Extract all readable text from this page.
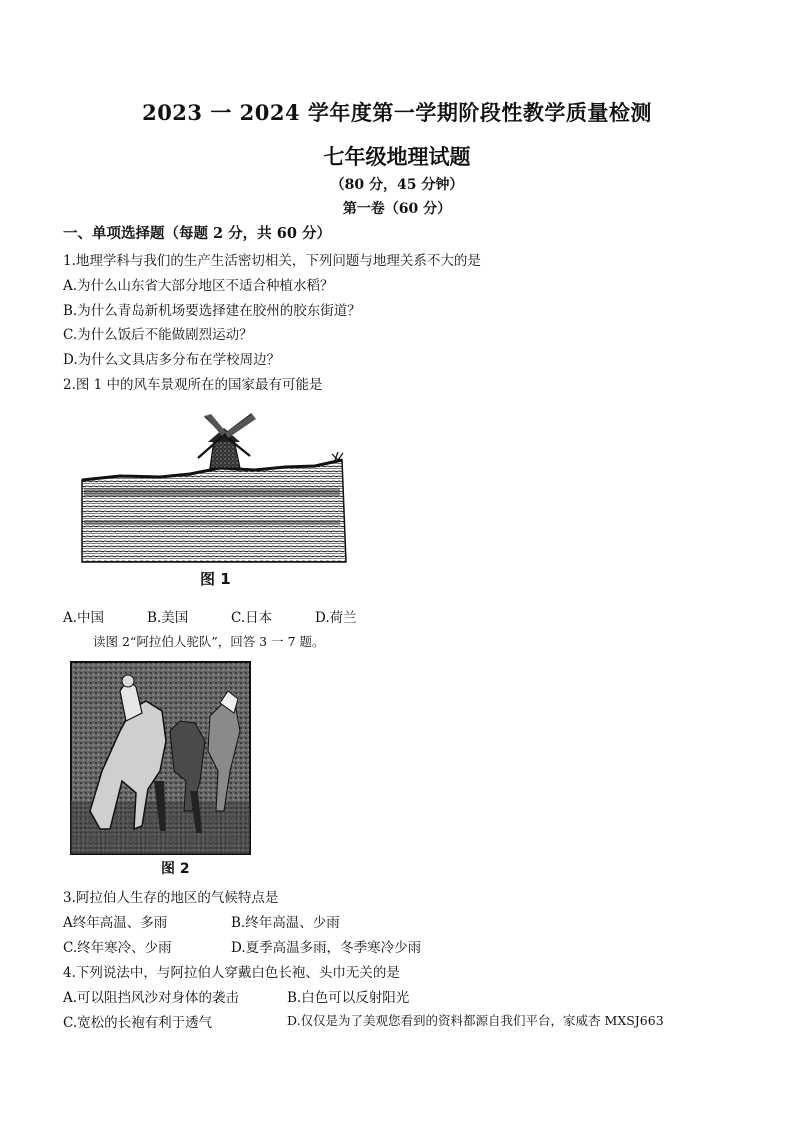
2023 一 2024 学年度第一学期阶段性教学质量检测
七年级地理试题
（80 分，45 分钟）
第一卷（60 分）
一、单项选择题（每题 2 分，共 60 分）
1.地理学科与我们的生产生活密切相关，下列问题与地理关系不大的是
A.为什么山东省大部分地区不适合种植水稻？
B.为什么青岛新机场要选择建在胶州的胶东街道？
C.为什么饭后不能做剧烈运动？
D.为什么文具店多分布在学校周边？
2.图 1 中的风车景观所在的国家最有可能是
图 1
A.中国	B.美国	C.日本	D.荷兰
读图 2“阿拉伯人驼队”，回答 3 一 7 题。
图 2
3.阿拉伯人生存的地区的气候特点是
A终年高温、多雨	B.终年高温、少雨
C.终年寒冷、少雨	D.夏季高温多雨，冬季寒冷少雨
4.下列说法中，与阿拉伯人穿戴白色长袍、头巾无关的是
A.可以阻挡风沙对身体的袭击	B.白色可以反射阳光
C.宽松的长袍有利于透气	D.仅仅是为了美观您看到的资料都源自我们平台，家威杏 MXSJ663
